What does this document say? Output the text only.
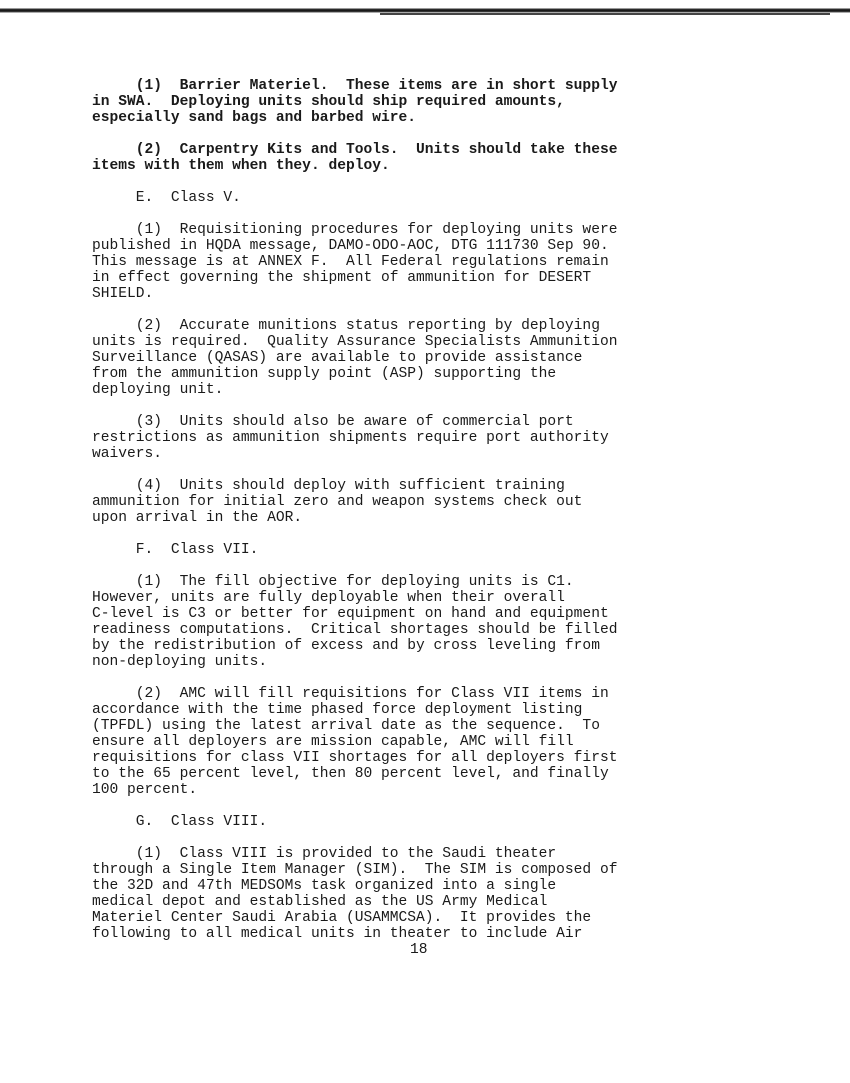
(1)  Barrier Materiel.  These items are in short supply
in SWA.  Deploying units should ship required amounts,
especially sand bags and barbed wire.
(2)  Carpentry Kits and Tools.  Units should take these
items with them when they. deploy.
E.  Class V.
(1)  Requisitioning procedures for deploying units were
published in HQDA message, DAMO-ODO-AOC, DTG 111730 Sep 90.
This message is at ANNEX F.  All Federal regulations remain
in effect governing the shipment of ammunition for DESERT
SHIELD.
(2)  Accurate munitions status reporting by deploying
units is required.  Quality Assurance Specialists Ammunition
Surveillance (QASAS) are available to provide assistance
from the ammunition supply point (ASP) supporting the
deploying unit.
(3)  Units should also be aware of commercial port
restrictions as ammunition shipments require port authority
waivers.
(4)  Units should deploy with sufficient training
ammunition for initial zero and weapon systems check out
upon arrival in the AOR.
F.  Class VII.
(1)  The fill objective for deploying units is C1.
However, units are fully deployable when their overall
C-level is C3 or better for equipment on hand and equipment
readiness computations.  Critical shortages should be filled
by the redistribution of excess and by cross leveling from
non-deploying units.
(2)  AMC will fill requisitions for Class VII items in
accordance with the time phased force deployment listing
(TPFDL) using the latest arrival date as the sequence.  To
ensure all deployers are mission capable, AMC will fill
requisitions for class VII shortages for all deployers first
to the 65 percent level, then 80 percent level, and finally
100 percent.
G.  Class VIII.
(1)  Class VIII is provided to the Saudi theater
through a Single Item Manager (SIM).  The SIM is composed of
the 32D and 47th MEDSOMs task organized into a single
medical depot and established as the US Army Medical
Materiel Center Saudi Arabia (USAMMCSA).  It provides the
following to all medical units in theater to include Air
18
